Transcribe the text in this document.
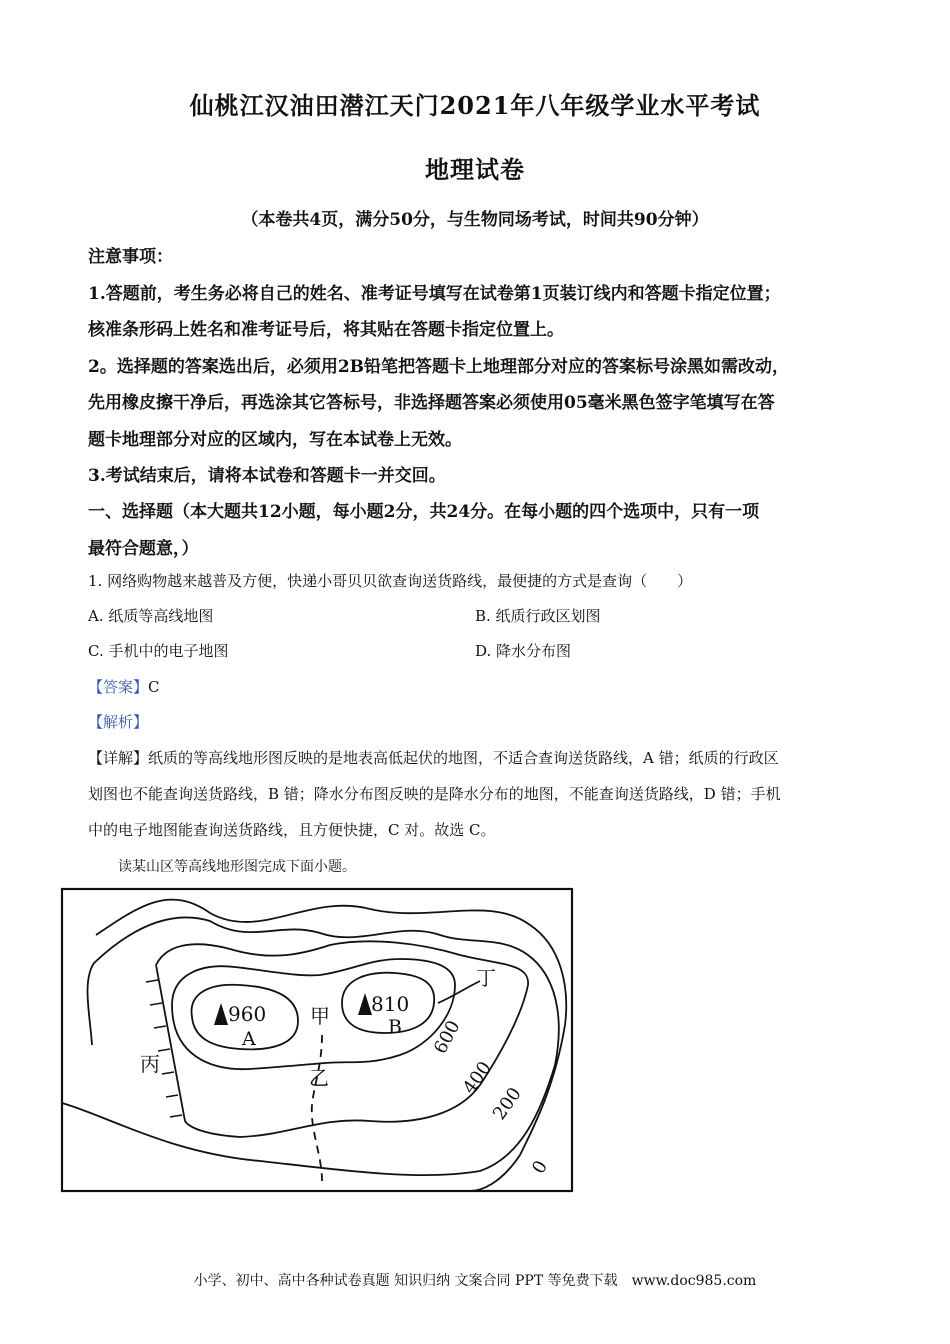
仙桃江汉油田潜江天门2021年八年级学业水平考试
地理试卷
（本卷共4页，满分50分，与生物同场考试，时间共90分钟）
注意事项：
1.答题前，考生务必将自己的姓名、准考证号填写在试卷第1页装订线内和答题卡指定位置；
核准条形码上姓名和准考证号后，将其贴在答题卡指定位置上。
2。选择题的答案选出后，必须用2B铅笔把答题卡上地理部分对应的答案标号涂黑如需改动，
先用橡皮擦干净后，再选涂其它答标号，非选择题答案必须使用05毫米黑色签字笔填写在答
题卡地理部分对应的区域内，写在本试卷上无效。
3.考试结束后，请将本试卷和答题卡一并交回。
一、选择题（本大题共12小题，每小题2分，共24分。在每小题的四个选项中，只有一项
最符合题意，）
1. 网络购物越来越普及方便，快递小哥贝贝欲查询送货路线，最便捷的方式是查询（　　）
A. 纸质等高线地图	B. 纸质行政区划图
C. 手机中的电子地图	D. 降水分布图
【答案】C
【解析】
【详解】纸质的等高线地形图反映的是地表高低起伏的地图，不适合查询送货路线，A 错；纸质的行政区
划图也不能查询送货路线，B 错；降水分布图反映的是降水分布的地图，不能查询送货路线，D 错；手机
中的电子地图能查询送货路线，且方便快捷，C 对。故选 C。
读某山区等高线地形图完成下面小题。
960
A
810
B
甲
乙
丙
丁
600
400
200
0
小学、初中、高中各种试卷真题 知识归纳 文案合同 PPT 等免费下载　www.doc985.com
